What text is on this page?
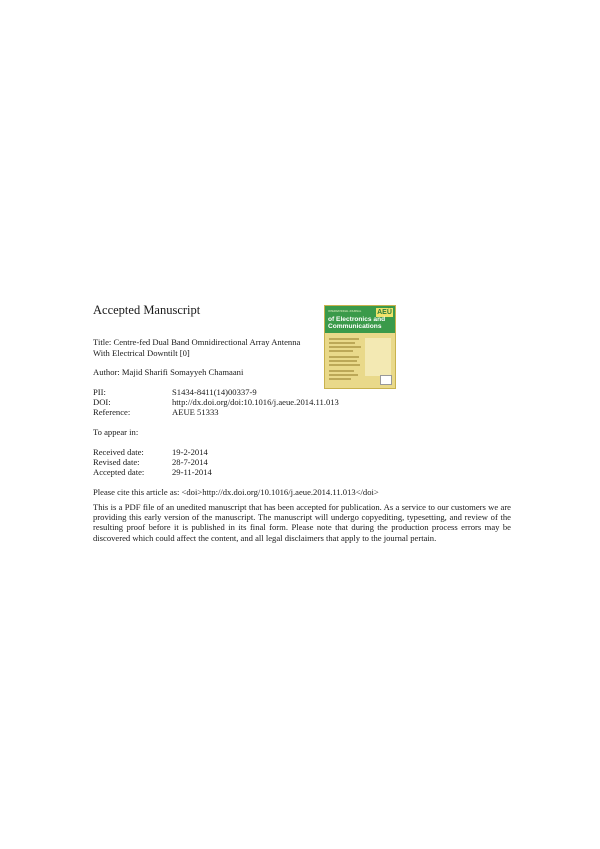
Accepted Manuscript	INTERNATIONAL JOURNAL AEÜ
of Electronics and
Communications

Title: Centre-fed Dual Band Omnidirectional Array Antenna

With Electrical Downtilt [0]

Author: Majid Sharifi Somayyeh Chamaani

PII:	S1434-8411(14)00337-9

DOI:	http://dx.doi.org/doi:10.1016/j.aeue.2014.11.013

Reference:	AEUE 51333

To appear in:

Received date:	19-2-2014

Revised date:	28-7-2014

Accepted date:	29-11-2014

Please cite this article as: <doi>http://dx.doi.org/10.1016/j.aeue.2014.11.013</doi>

This is a PDF file of an unedited manuscript that has been accepted for publication. As a service to our customers we are providing this early version of the manuscript. The manuscript will undergo copyediting, typesetting, and review of the resulting proof before it is published in its final form. Please note that during the production process errors may be discovered which could affect the content, and all legal disclaimers that apply to the journal pertain.
